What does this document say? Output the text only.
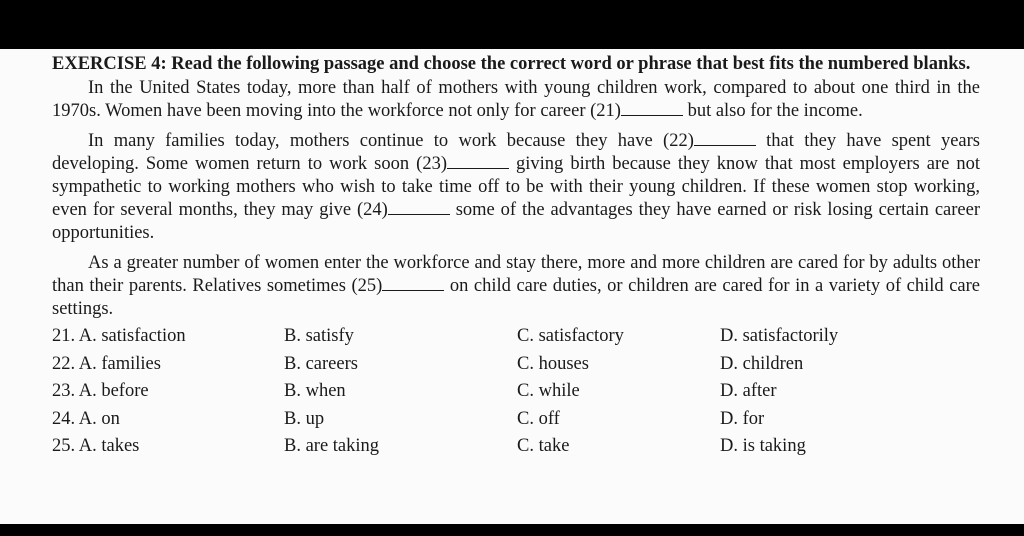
EXERCISE 4: Read the following passage and choose the correct word or phrase that best fits the numbered blanks.

In the United States today, more than half of mothers with young children work, compared to about one third in the 1970s. Women have been moving into the workforce not only for career (21)	but also for the income.

In many families today, mothers continue to work because they have (22)	that they have spent years developing. Some women return to work soon (23)	giving birth because they know that most employers are not sympathetic to working mothers who wish to take time off to be with their young children. If these women stop working, even for several months, they may give (24)	some of the advantages they have earned or risk losing certain career opportunities.

As a greater number of women enter the workforce and stay there, more and more children are cared for by adults other than their parents. Relatives sometimes (25)	on child care duties, or children are cared for in a variety of child care settings.

21. A. satisfaction	B. satisfy	C. satisfactory	D. satisfactorily
22. A. families	B. careers	C. houses	D. children
23. A. before	B. when	C. while	D. after
24. A. on	B. up	C. off	D. for
25. A. takes	B. are taking	C. take	D. is taking
